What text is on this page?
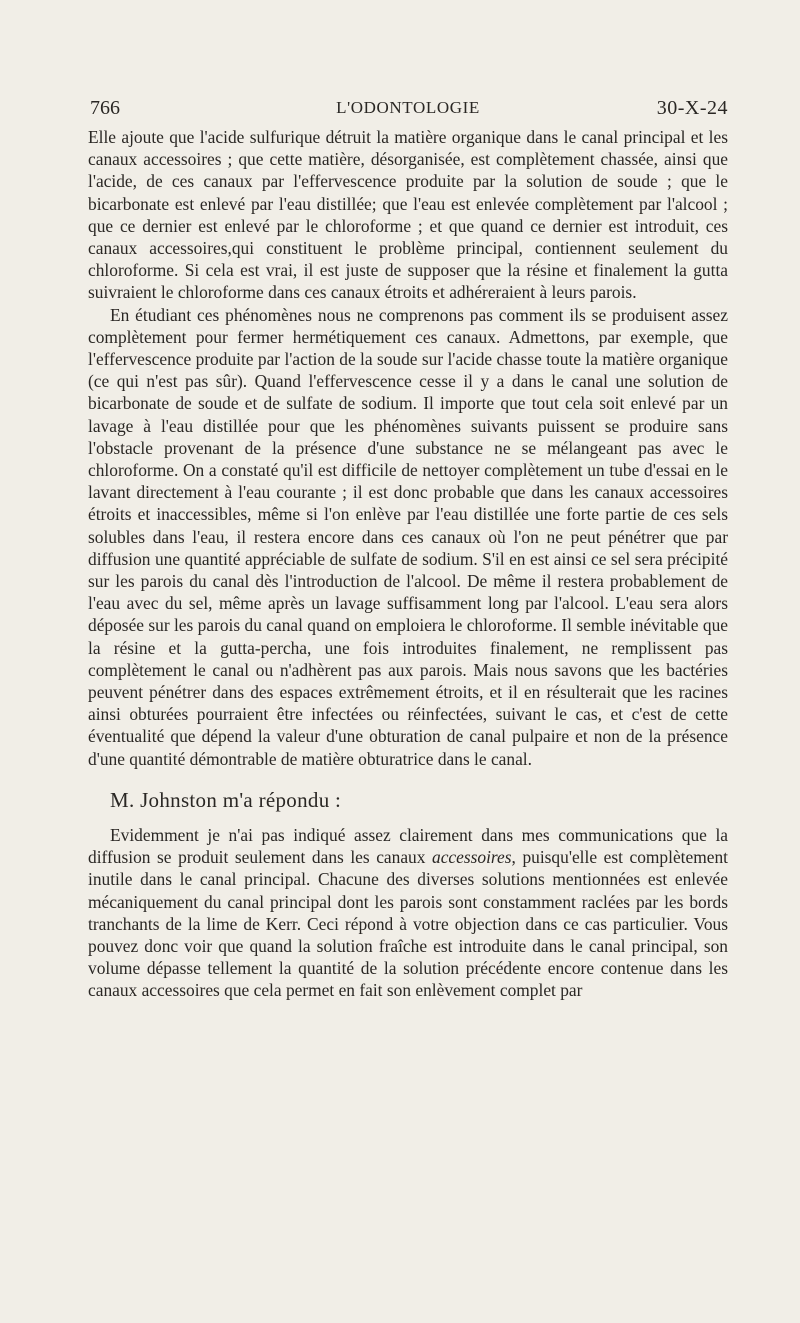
766	L'ODONTOLOGIE	30-X-24

Elle ajoute que l'acide sulfurique détruit la matière organique dans le canal principal et les canaux accessoires ; que cette matière, désorganisée, est complètement chassée, ainsi que l'acide, de ces canaux par l'effervescence produite par la solution de soude ; que le bicarbonate est enlevé par l'eau distillée; que l'eau est enlevée complètement par l'alcool ; que ce dernier est enlevé par le chloroforme ; et que quand ce dernier est introduit, ces canaux accessoires,qui constituent le problème principal, contiennent seulement du chloroforme. Si cela est vrai, il est juste de supposer que la résine et finalement la gutta suivraient le chloroforme dans ces canaux étroits et adhéreraient à leurs parois.

En étudiant ces phénomènes nous ne comprenons pas comment ils se produisent assez complètement pour fermer hermétiquement ces canaux. Admettons, par exemple, que l'effervescence produite par l'action de la soude sur l'acide chasse toute la matière organique (ce qui n'est pas sûr). Quand l'effervescence cesse il y a dans le canal une solution de bicarbonate de soude et de sulfate de sodium. Il importe que tout cela soit enlevé par un lavage à l'eau distillée pour que les phénomènes suivants puissent se produire sans l'obstacle provenant de la présence d'une substance ne se mélangeant pas avec le chloroforme. On a constaté qu'il est difficile de nettoyer complètement un tube d'essai en le lavant directement à l'eau courante ; il est donc probable que dans les canaux accessoires étroits et inaccessibles, même si l'on enlève par l'eau distillée une forte partie de ces sels solubles dans l'eau, il restera encore dans ces canaux où l'on ne peut pénétrer que par diffusion une quantité appréciable de sulfate de sodium. S'il en est ainsi ce sel sera précipité sur les parois du canal dès l'introduction de l'alcool. De même il restera probablement de l'eau avec du sel, même après un lavage suffisamment long par l'alcool. L'eau sera alors déposée sur les parois du canal quand on emploiera le chloroforme. Il semble inévitable que la résine et la gutta-percha, une fois introduites finalement, ne remplissent pas complètement le canal ou n'adhèrent pas aux parois. Mais nous savons que les bactéries peuvent pénétrer dans des espaces extrêmement étroits, et il en résulterait que les racines ainsi obturées pourraient être infectées ou réinfectées, suivant le cas, et c'est de cette éventualité que dépend la valeur d'une obturation de canal pulpaire et non de la présence d'une quantité démontrable de matière obturatrice dans le canal.

M. Johnston m'a répondu :

Evidemment je n'ai pas indiqué assez clairement dans mes communications que la diffusion se produit seulement dans les canaux accessoires, puisqu'elle est complètement inutile dans le canal principal. Chacune des diverses solutions mentionnées est enlevée mécaniquement du canal principal dont les parois sont constamment raclées par les bords tranchants de la lime de Kerr. Ceci répond à votre objection dans ce cas particulier. Vous pouvez donc voir que quand la solution fraîche est introduite dans le canal principal, son volume dépasse tellement la quantité de la solution précédente encore contenue dans les canaux accessoires que cela permet en fait son enlèvement complet par
